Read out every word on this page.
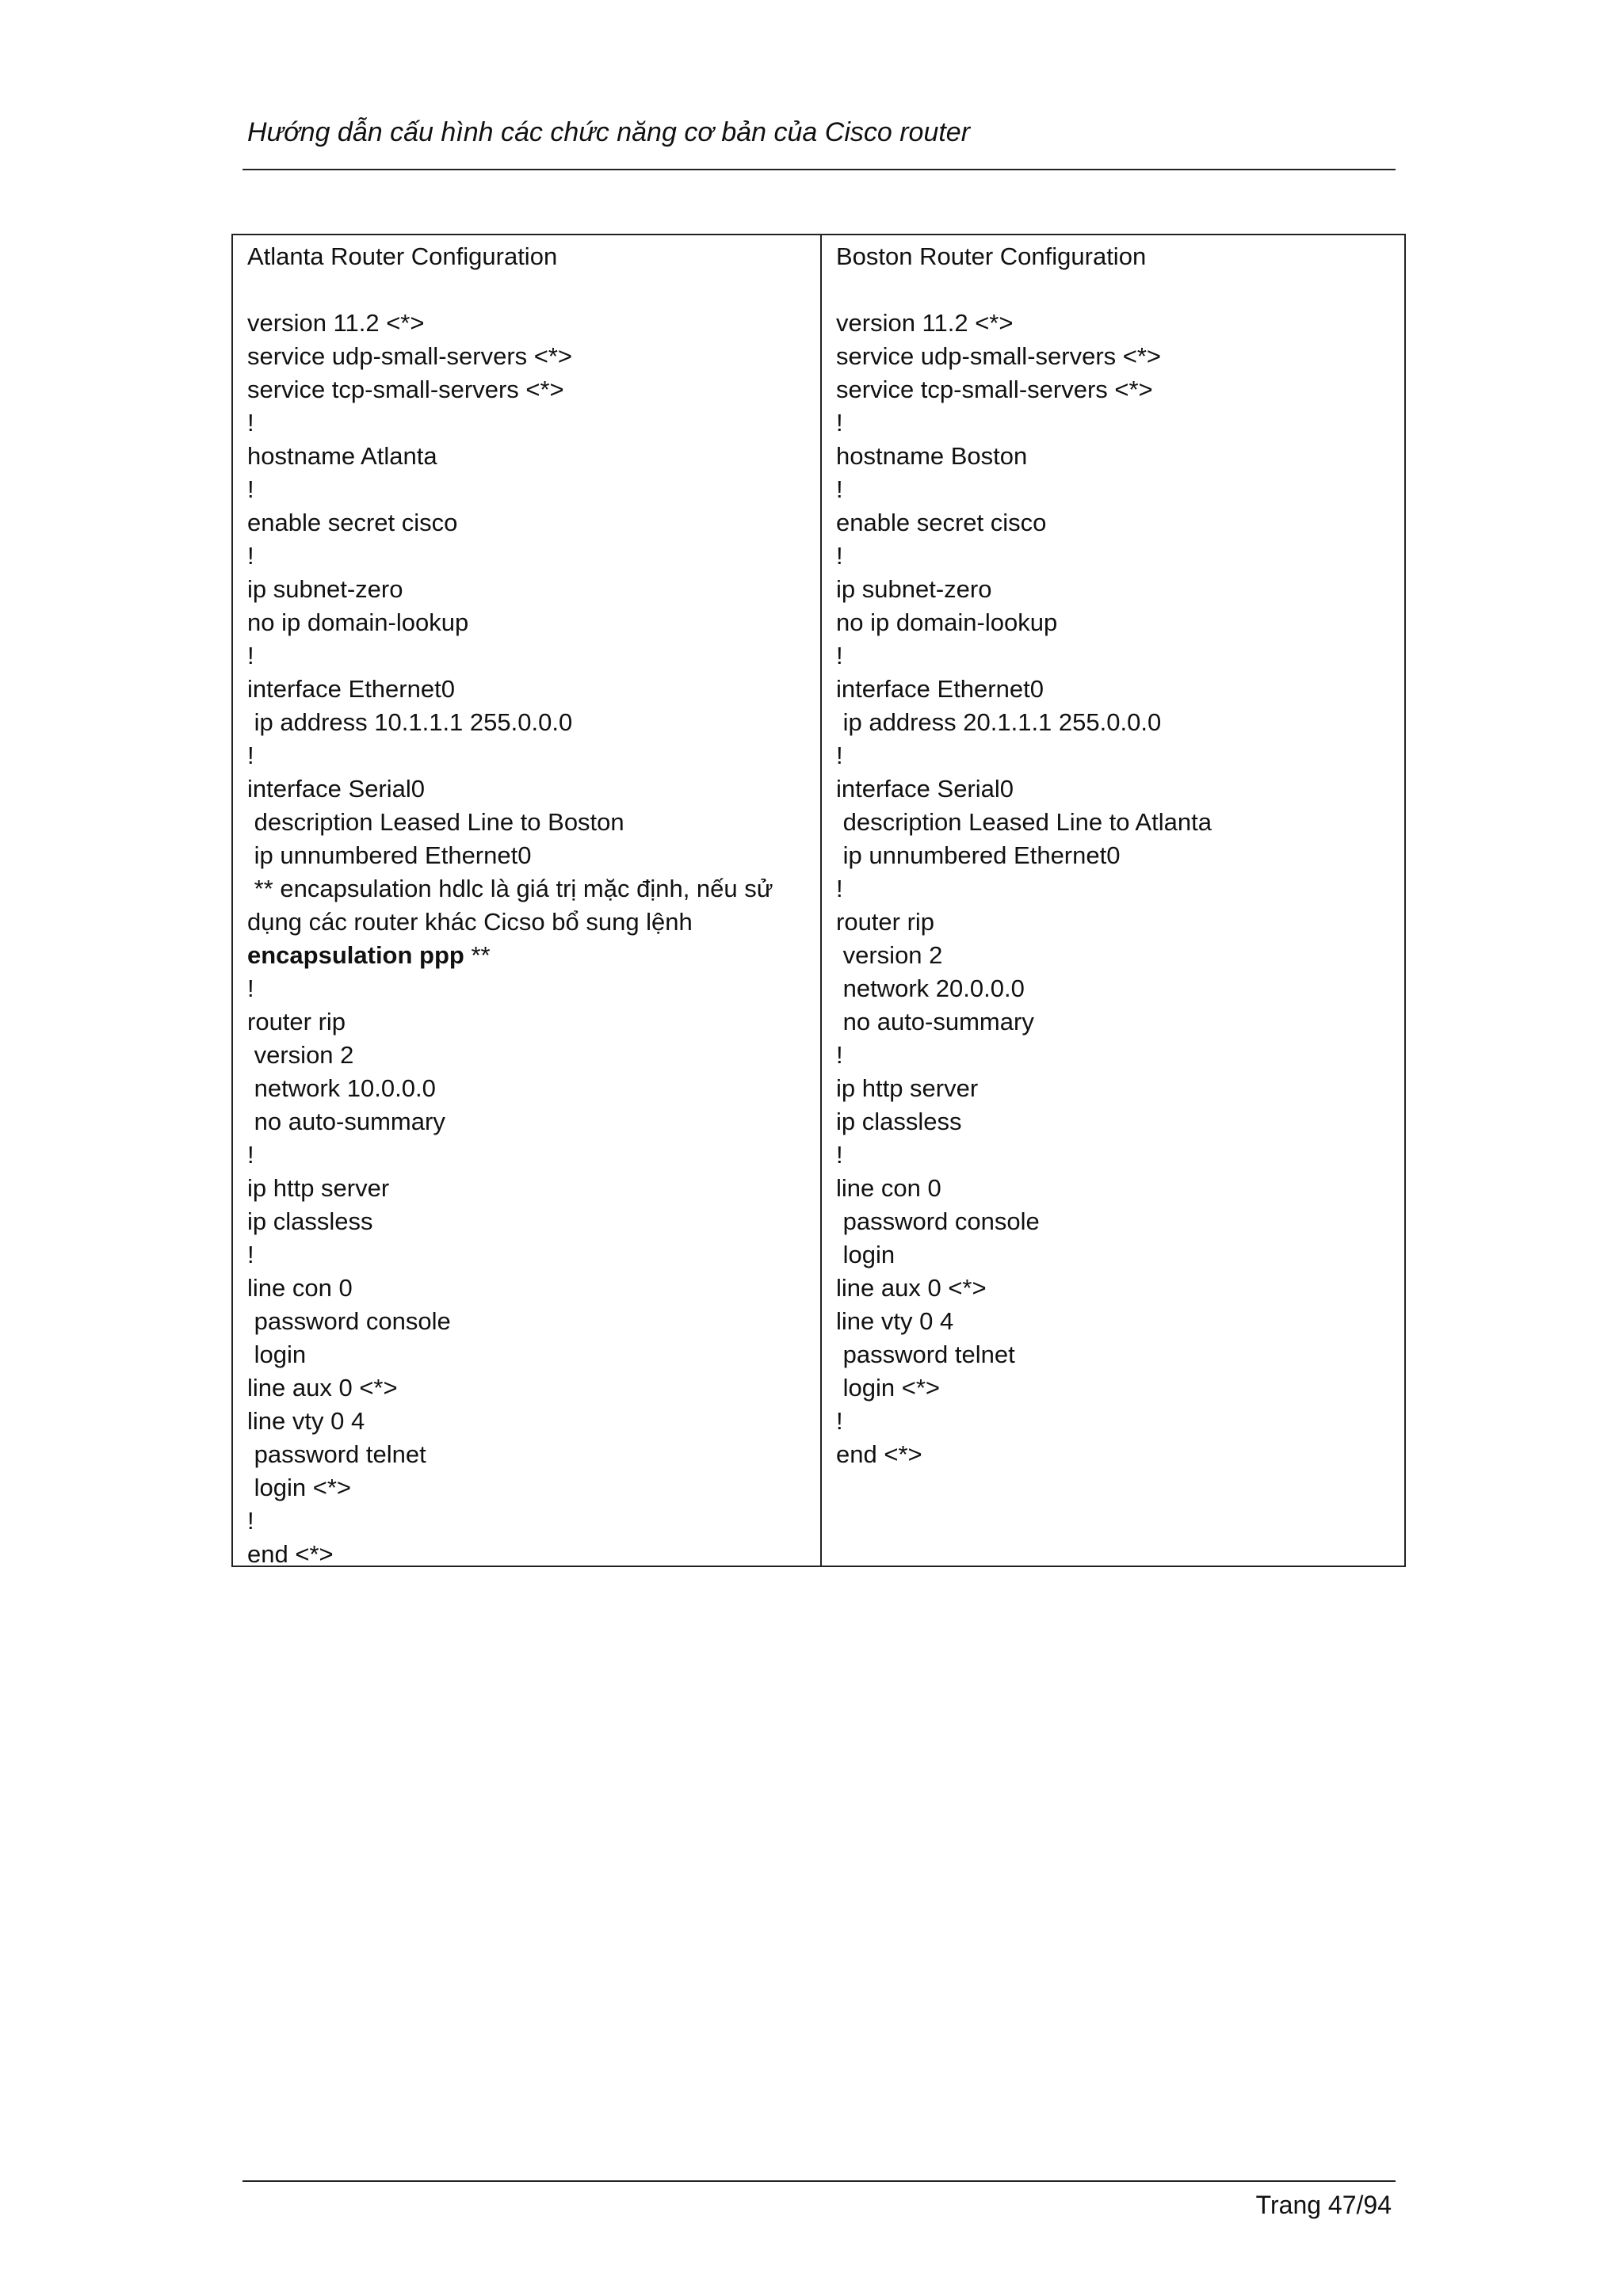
Hướng dẫn cấu hình các chức năng cơ bản của Cisco router
Atlanta Router Configuration
version 11.2 <*>
service udp-small-servers <*>
service tcp-small-servers <*>
!
hostname Atlanta
!
enable secret cisco
!
ip subnet-zero
no ip domain-lookup
!
interface Ethernet0
ip address 10.1.1.1 255.0.0.0
!
interface Serial0
description Leased Line to Boston
ip unnumbered Ethernet0
** encapsulation hdlc là giá trị mặc định, nếu sử
dụng các router khác Cicso bổ sung lệnh
encapsulation ppp **
!
router rip
version 2
network 10.0.0.0
no auto-summary
!
ip http server
ip classless
!
line con 0
password console
login
line aux 0 <*>
line vty 0 4
password telnet
login <*>
!
end <*>
Boston Router Configuration
version 11.2 <*>
service udp-small-servers <*>
service tcp-small-servers <*>
!
hostname Boston
!
enable secret cisco
!
ip subnet-zero
no ip domain-lookup
!
interface Ethernet0
ip address 20.1.1.1 255.0.0.0
!
interface Serial0
description Leased Line to Atlanta
ip unnumbered Ethernet0
!
router rip
version 2
network 20.0.0.0
no auto-summary
!
ip http server
ip classless
!
line con 0
password console
login
line aux 0 <*>
line vty 0 4
password telnet
login <*>
!
end <*>
Trang 47/94
